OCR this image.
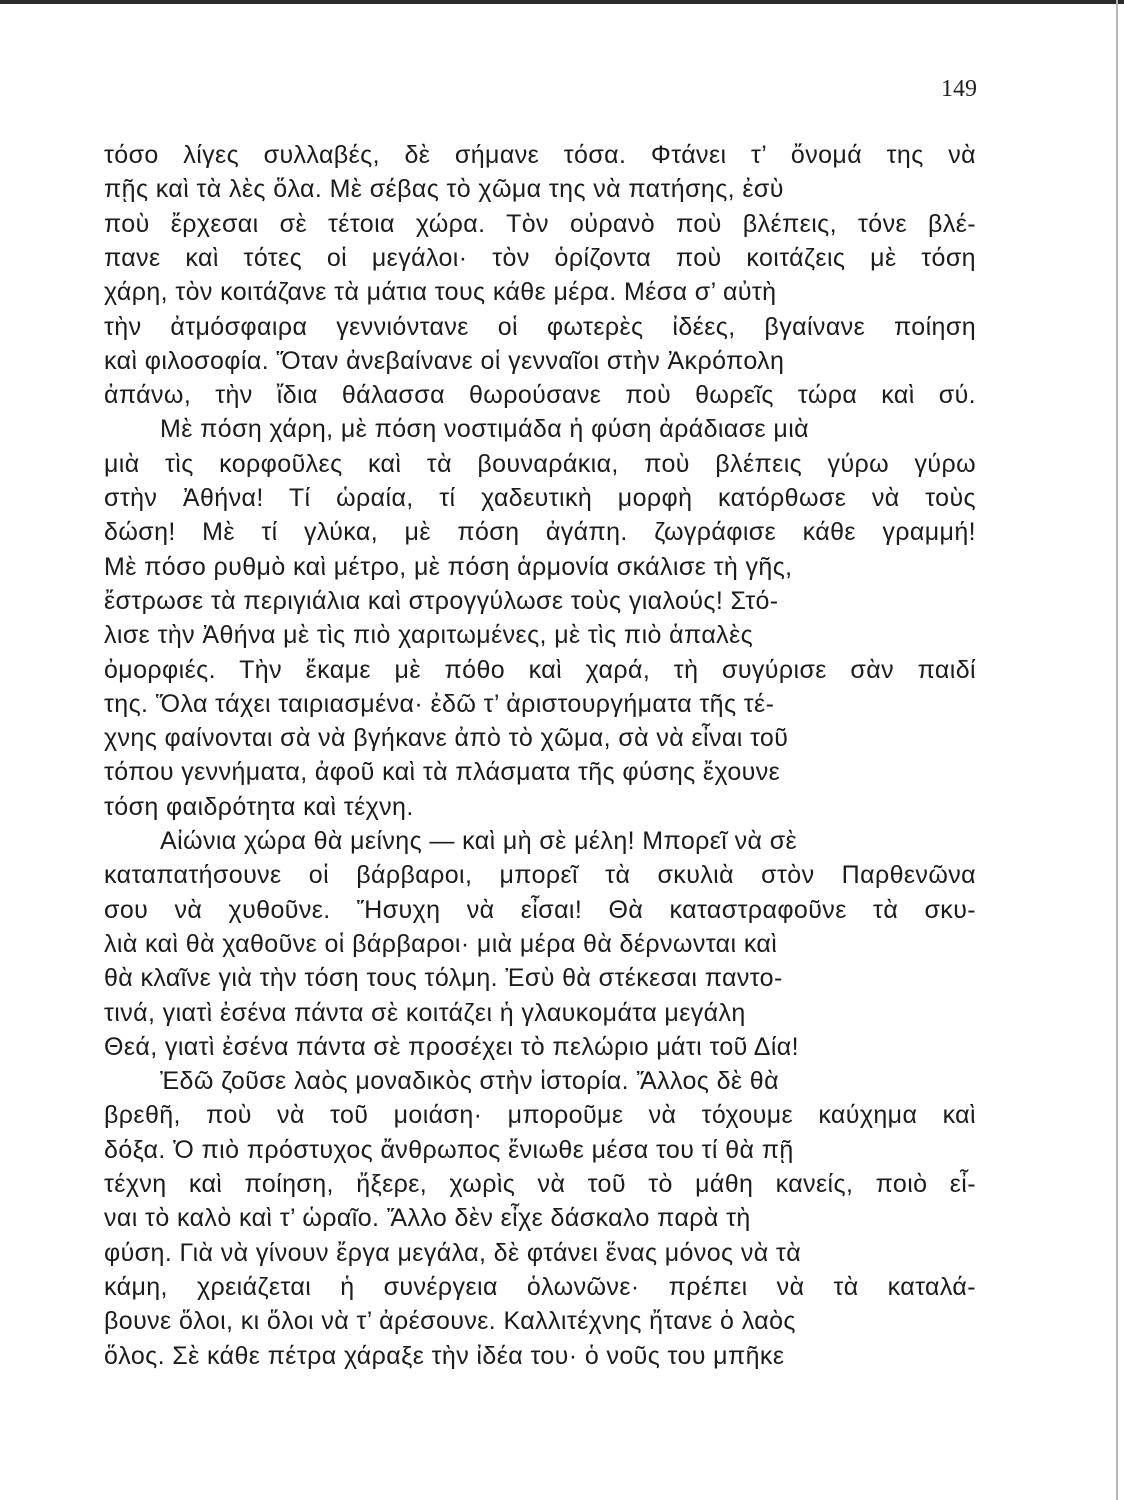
149
τόσο λίγες συλλαβές, δὲ σήμανε τόσα. Φτάνει τ’ ὄνομά της νὰ
πῇς καὶ τὰ λὲς ὅλα. Μὲ σέβας τὸ χῶμα της νὰ πατήσης, ἐσὺ
ποὺ ἔρχεσαι σὲ τέτοια χώρα. Τὸν οὐρανὸ ποὺ βλέπεις, τόνε βλέ-
πανε καὶ τότες οἱ μεγάλοι· τὸν ὁρίζοντα ποὺ κοιτάζεις μὲ τόση
χάρη, τὸν κοιτάζανε τὰ μάτια τους κάθε μέρα. Μέσα σ’ αὐτὴ
τὴν ἀτμόσφαιρα γεννιόντανε οἱ φωτερὲς ἰδέες, βγαίνανε ποίηση
καὶ φιλοσοφία. Ὅταν ἀνεβαίνανε οἱ γενναῖοι στὴν Ἀκρόπολη
ἀπάνω, τὴν ἴδια θάλασσα θωρούσανε ποὺ θωρεῖς τώρα καὶ σύ.
Μὲ πόση χάρη, μὲ πόση νοστιμάδα ἡ φύση ἀράδιασε μιὰ
μιὰ τὶς κορφοῦλες καὶ τὰ βουναράκια, ποὺ βλέπεις γύρω γύρω
στὴν Ἀθήνα! Τί ὡραία, τί χαδευτικὴ μορφὴ κατόρθωσε νὰ τοὺς
δώση! Μὲ τί γλύκα, μὲ πόση ἀγάπη. ζωγράφισε κάθε γραμμή!
Μὲ πόσο ρυθμὸ καὶ μέτρο, μὲ πόση ἁρμονία σκάλισε τὴ γῆς,
ἔστρωσε τὰ περιγιάλια καὶ στρογγύλωσε τοὺς γιαλούς! Στό-
λισε τὴν Ἀθήνα μὲ τὶς πιὸ χαριτωμένες, μὲ τὶς πιὸ ἁπαλὲς
ὀμορφιές. Τὴν ἔκαμε μὲ πόθο καὶ χαρά, τὴ συγύρισε σὰν παιδί
της. Ὅλα τάχει ταιριασμένα· ἐδῶ τ’ ἀριστουργήματα τῆς τέ-
χνης φαίνονται σὰ νὰ βγήκανε ἀπὸ τὸ χῶμα, σὰ νὰ εἶναι τοῦ
τόπου γεννήματα, ἀφοῦ καὶ τὰ πλάσματα τῆς φύσης ἔχουνε
τόση φαιδρότητα καὶ τέχνη.
Αἰώνια χώρα θὰ μείνης — καὶ μὴ σὲ μέλη! Μπορεῖ νὰ σὲ
καταπατήσουνε οἱ βάρβαροι, μπορεῖ τὰ σκυλιὰ στὸν Παρθενῶνα
σου νὰ χυθοῦνε. Ἥσυχη νὰ εἶσαι! Θὰ καταστραφοῦνε τὰ σκυ-
λιὰ καὶ θὰ χαθοῦνε οἱ βάρβαροι· μιὰ μέρα θὰ δέρνωνται καὶ
θὰ κλαῖνε γιὰ τὴν τόση τους τόλμη. Ἐσὺ θὰ στέκεσαι παντο-
τινά, γιατὶ ἐσένα πάντα σὲ κοιτάζει ἡ γλαυκομάτα μεγάλη
Θεά, γιατὶ ἐσένα πάντα σὲ προσέχει τὸ πελώριο μάτι τοῦ Δία!
Ἐδῶ ζοῦσε λαὸς μοναδικὸς στὴν ἱστορία. Ἄλλος δὲ θὰ
βρεθῆ, ποὺ νὰ τοῦ μοιάση· μποροῦμε νὰ τόχουμε καύχημα καὶ
δόξα. Ὁ πιὸ πρόστυχος ἄνθρωπος ἔνιωθε μέσα του τί θὰ πῇ
τέχνη καὶ ποίηση, ἤξερε, χωρὶς νὰ τοῦ τὸ μάθη κανείς, ποιὸ εἶ-
ναι τὸ καλὸ καὶ τ’ ὡραῖο. Ἄλλο δὲν εἶχε δάσκαλο παρὰ τὴ
φύση. Γιὰ νὰ γίνουν ἔργα μεγάλα, δὲ φτάνει ἕνας μόνος νὰ τὰ
κάμη, χρειάζεται ἡ συνέργεια ὁλωνῶνε· πρέπει νὰ τὰ καταλά-
βουνε ὅλοι, κι ὅλοι νὰ τ’ ἀρέσουνε. Καλλιτέχνης ἤτανε ὁ λαὸς
ὅλος. Σὲ κάθε πέτρα χάραξε τὴν ἰδέα του· ὁ νοῦς του μπῆκε
